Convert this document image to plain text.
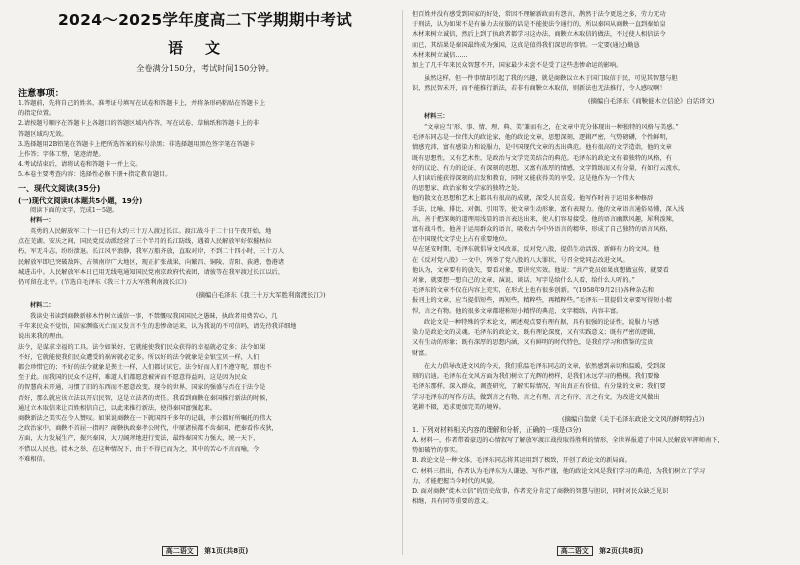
2024～2025学年度高二下学期期中考试
语文
全卷满分150分，考试时间150分钟。
注意事项：
1.答题前，先将自己的姓名、准考证号填写在试卷和答题卡上，并将条形码粘贴在答题卡上
的指定位置。
2.请按题号顺序在答题卡上各题目的答题区域内作答，写在试卷、草稿纸和答题卡上的非
答题区域均无效。
3.选择题用2B铅笔在答题卡上把所选答案的标号涂黑；非选择题用黑色签字笔在答题卡
上作答；字体工整，笔迹清楚。
4.考试结束后，请将试卷和答题卡一并上交。
5.本卷主要考查内容：选择性必修下册+指定教育题目。
一、现代文阅读(35分)
(一)现代文阅读Ⅰ(本题共5小题，19分)
阅读下面的文字，完成1～5题。
材料一：
英勇的人民解放军二十一日已有大约三十万人渡过长江。渡江战斗于二十日午夜开始，地
点在芜湖、安庆之间，国民党反动派经营了三个半月的长江防线，遇着人民解放军好似摧枯拉
朽，军无斗志，纷纷溃退。长江风平浪静，我军万船齐放，直取对岸，不到二十四小时，三十万人
民解放军即已突破敌阵，占领南岸广大地区，现正扩张战果，向繁昌、铜陵、青阳、荻港、鲁港诸
城进击中。人民解放军本日已用无线电通知国民党南京政府代表团，请彼等在我军渡过长江以后，
仍可留在北平。(节选自毛泽东《我三十万大军胜利南渡长江》)
(摘编自毛泽东《我三十万大军胜利南渡长江》)
材料二：
我读史书读到商鞅新移木竹树立诚信一事，不禁慨叹我国国民之愚昧，执政者用费苦心，几
千年来民众不觉悟，国家濒临灭亡而又发言不生的悲惨命运来，认为我说的不可信吗，请先待我详细地
说出来我的理由。
法令，是谋求幸福的工具。法令如果好，它就能使我们民众获得的幸福就必定多；法令如果
不好，它就能使我们民众遭受的祸害就必定多。所以好的法令就象是金银宝贝一样，人们
都会珍惜它的；不好的法令就象是粪土一样，人们都讨厌它。法令好而人们不遵守呢，那也不
至于此。而我国的民众不这样，难道人们都愿意被害而不愿意得益吗，这是因为民众
的智慧尚未开通，习惯了旧的东西而不愿意改变。现今的世界，国家的强盛与否在于法令是
否好，那么就应该立法以开启民智，这是立法者的责任。我看到商鞅在秦国推行新法的时候，
通过立木取信来让百姓相信自己，以此来推行新法，使得秦国富强起来。
商鞅新法之美实在令人赞叹。如果说商鞅在一下就国四千多年的记载，孝公都好所嘱托的伟大
之政治家中，商鞅不首屈一指吗？商鞅执政秦孝公时代，中原诸侯都不齿秦国，把秦看作戎狄，
方面，大力发展生产，振兴秦国，大刀阔斧地进行变法，最终秦国实力强大，统一天下，
不惜以人民也。徙木之举，在这种情况下，由于不得已而为之，其中的苦心不言而喻，令
不难相信。
高二语文 第1页(共8页)
但百姓并没有感受到国家的好处，常因不理解新政而有怨言，鹊然于法令更迭之多，劳力无功
于刑法，认为如果不是有暴力去征服的话是不能使法令通行的，所以秦国从商鞅一直到秦始皇
木材来树立诚信，然后上到了执政者都学习这办法，商鞅立木取信的做法，不过使人相信法令
而已，其结果是秦国最终成为强国，这真是值得我们深思的事情。一定要(通过)勤恳
木材来树立诚信……
加上了几千年来民众智慧不开，国家最少未尝不是受了这些悲惨命运的影响。
虽然这样，但一件事情却引起了我的兴趣，就是商鞅以立木于国门取信于民，可见其智慧与胆
识，然民智未开，而不能推行新法，若非有商鞅立木取信，则新法也无法推行，令人感叹啊！
(摘编自毛泽东《商鞅徙木立信论》白话译文)
材料三：
“文章应当‘形、事、情、理、典、美’兼而有之，在文章中充分体现出一种独特的风格与美感。”
毛泽东同志是一位伟大的政论家，他的政论文章，思想深刻，逻辑严密，气势磅礴，个性鲜明，
情感充沛，富有感染力和说服力，是中国现代文章的杰出典范。他有很高的文学造诣，他的文章
既有思想性，又有艺术性，是政治与文学完美结合的典范。毛泽东的政论文有着独特的风格，有
好的议论、有力的论证、有深刻的思想，又富有浓厚的情感，文字简练而又有分量，有如行云流水，
人们读后能获得深刻的启发和教育，同时又能获得美的享受。这是他作为一个伟大
的思想家、政治家和文学家的独特之处。
他的散文在思想和艺术上都具有很高的成就，深受人民喜爱。他写作时善于运用多种修辞
手法，比喻、排比、对偶、引用等，使文章生动形象，富有表现力。他的文章语言通俗易懂，深入浅
出，善于把深奥的道理用浅显的语言表达出来，使人们容易接受。他的语言幽默风趣，犀利泼辣，
富有战斗性，他善于运用群众的语言，吸收古今中外语言的精华，形成了自己独特的语言风格，
在中国现代文学史上占有重要地位。
早在延安时期，毛泽东就倡导文风改革，反对党八股，提倡生动活泼、新鲜有力的文风。他
在《反对党八股》一文中，列举了党八股的八大罪状，号召全党同志改进文风。
他认为，文章要有的放矢，要看对象，要讲究实效。他说：“共产党员如果真想做宣传，就要看
对象，就要想一想自己的文章、演说、谈话、写字是给什么人看、给什么人听的。”
毛泽东的文章不仅在内容上充实，在形式上也有很多创新。“(1958年9月2日)各种杂志和
报刊上的文章，应当提倡短些，再短些，精粹些，再精粹些。”毛泽东一贯提倡文章要写得短小精
悍，言之有物。他的很多文章都堪称短小精悍的典范，文字精练，内容丰富。
政论文是一种特殊的学术论文，阐述观点要有理有据，具有很强的论证性，说服力与感
染力是政论文的灵魂。毛泽东的政论文，既有理论深度，又有实践意义；既有严密的逻辑，
又有生动的形象；既有深厚的思想内涵，又有鲜明的时代特色，是我们学习和借鉴的宝贵
财富。
在大力倡导改进文风的今天，我们重温毛泽东同志的文章，依然感到亲切和温暖，受到深
刻的启迪。毛泽东在文风方面为我们树立了光辉的榜样，是我们永远学习的楷模。我们要像
毛泽东那样，深入群众，调查研究，了解实际情况，写出真正有价值、有分量的文章；我们要
学习毛泽东的写作方法，做到言之有物，言之有理，言之有序，言之有文，为改进文风做出
笔耕不辍，追求更加完美的境界。
(摘编自翁蒙《关于毛泽东政论文文风的鲜明特点》)
1. 下列对材料相关内容的理解和分析，正确的一项是(3分)
A. 材料一，作者带着豪迈的心情叙写了解放军渡江战役取得胜利的情形，全世界报道了中国人民解放军挥师南下，
势如破竹的事实。
B. 政论文是一种文体，毛泽东同志将其运用到了极致，开创了政论文的新局面。
C. 材料三指出，作者认为毛泽东为人谦逊、写作严谨，他的政论文风是我们学习的典范，为我们树立了学习
力，才能把握当今时代的风貌。
D. 面对商鞅“徙木立信”的历史故事，作者充分肯定了商鞅的智慧与胆识，同时对民众缺乏见识
相继，具有同等重要的意义。
高二语文 第2页(共8页)
